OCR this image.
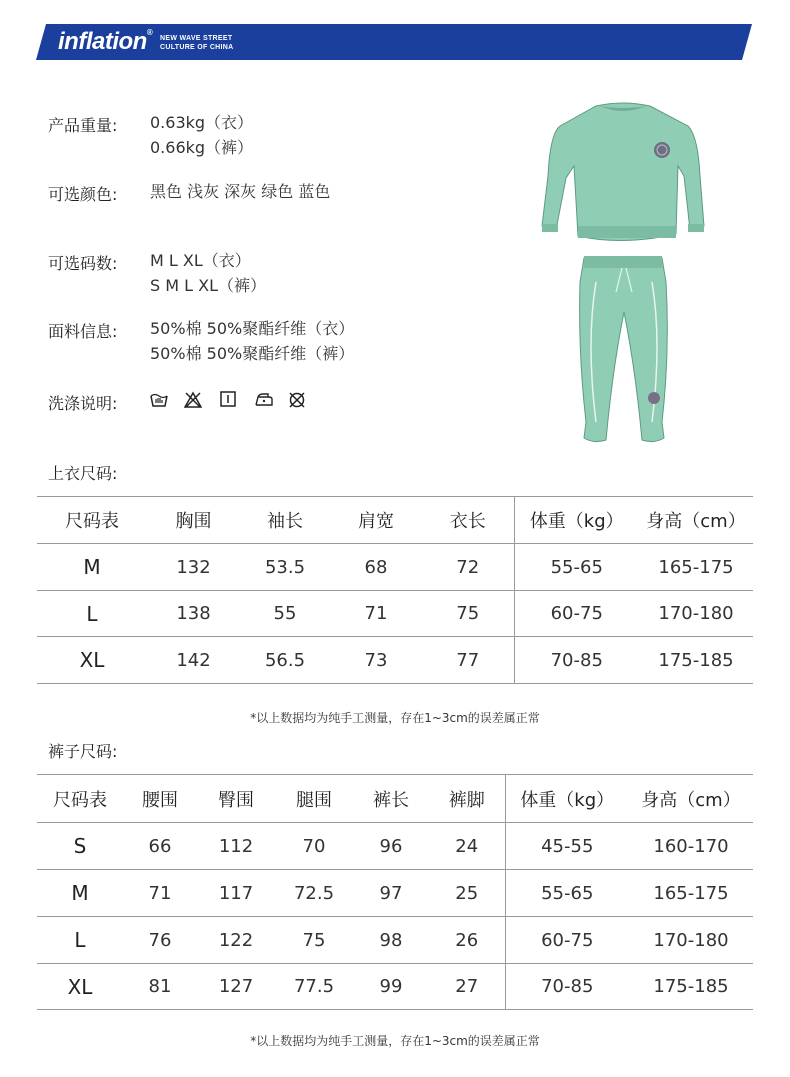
inflation®
NEW WAVE STREET
CULTURE OF CHINA
产品重量: 0.63kg（衣）
0.66kg（裤）
可选颜色: 黑色 浅灰 深灰 绿色 蓝色
可选码数: M L XL（衣）
S M L XL（裤）
面料信息: 50%棉 50%聚酯纤维（衣）
50%棉 50%聚酯纤维（裤）
洗涤说明:
上衣尺码:
尺码表	胸围	袖长	肩宽	衣长	体重（kg）	身高（cm）
M	132	53.5	68	72	55-65	165-175
L	138	55	71	75	60-75	170-180
XL	142	56.5	73	77	70-85	175-185
*以上数据均为纯手工测量，存在1~3cm的误差属正常
裤子尺码:
尺码表	腰围	臀围	腿围	裤长	裤脚	体重（kg）	身高（cm）
S	66	112	70	96	24	45-55	160-170
M	71	117	72.5	97	25	55-65	165-175
L	76	122	75	98	26	60-75	170-180
XL	81	127	77.5	99	27	70-85	175-185
*以上数据均为纯手工测量，存在1~3cm的误差属正常
